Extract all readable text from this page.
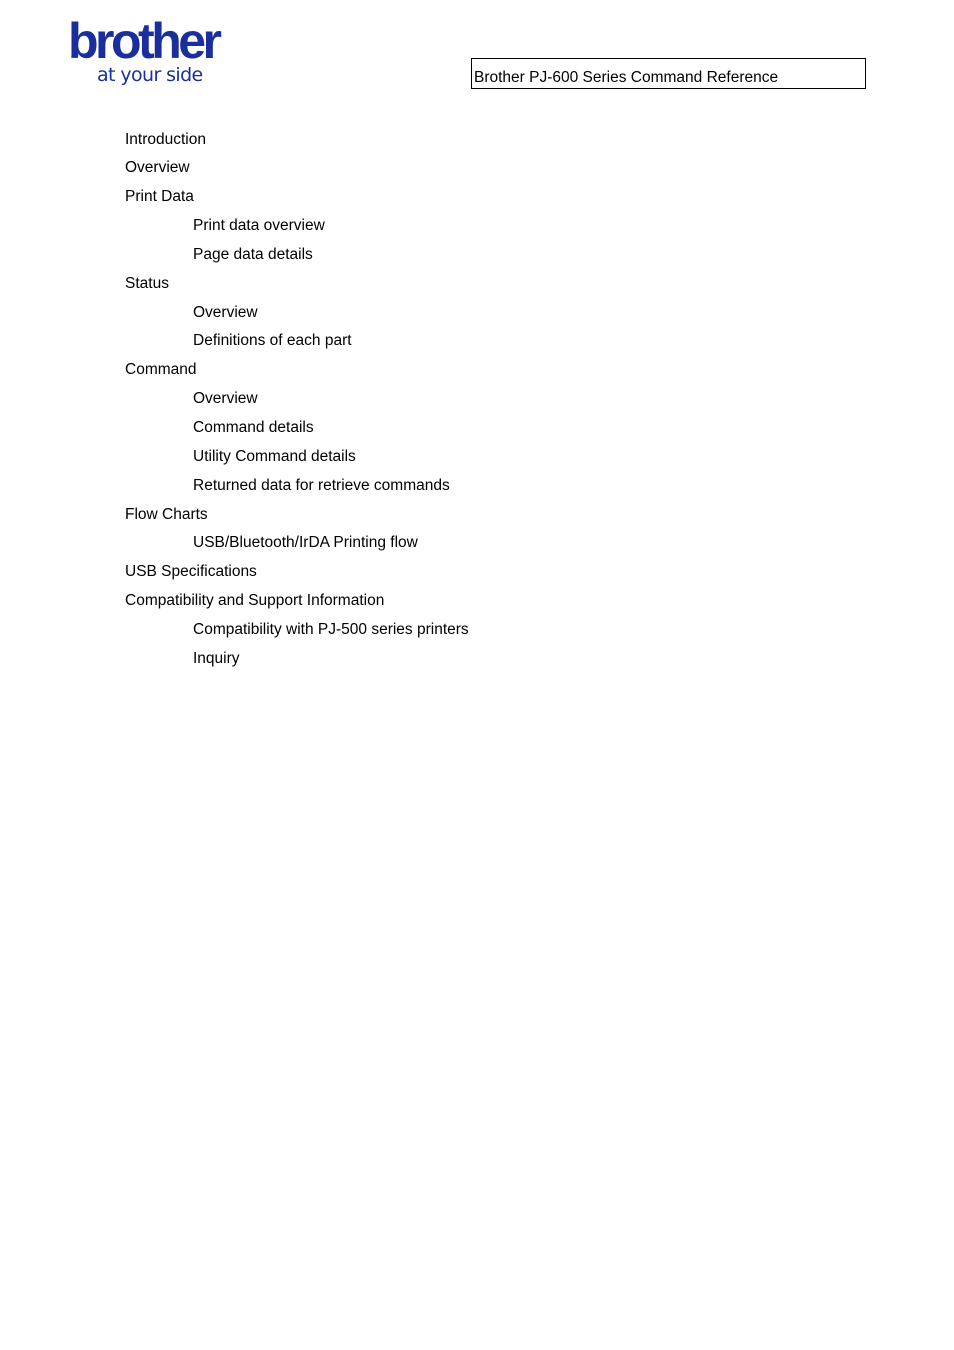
brother
at your side	Brother PJ-600 Series Command Reference
Introduction
Overview
Print Data
Print data overview
Page data details
Status
Overview
Definitions of each part
Command
Overview
Command details
Utility Command details
Returned data for retrieve commands
Flow Charts
USB/Bluetooth/IrDA Printing flow
USB Specifications
Compatibility and Support Information
Compatibility with PJ-500 series printers
Inquiry
